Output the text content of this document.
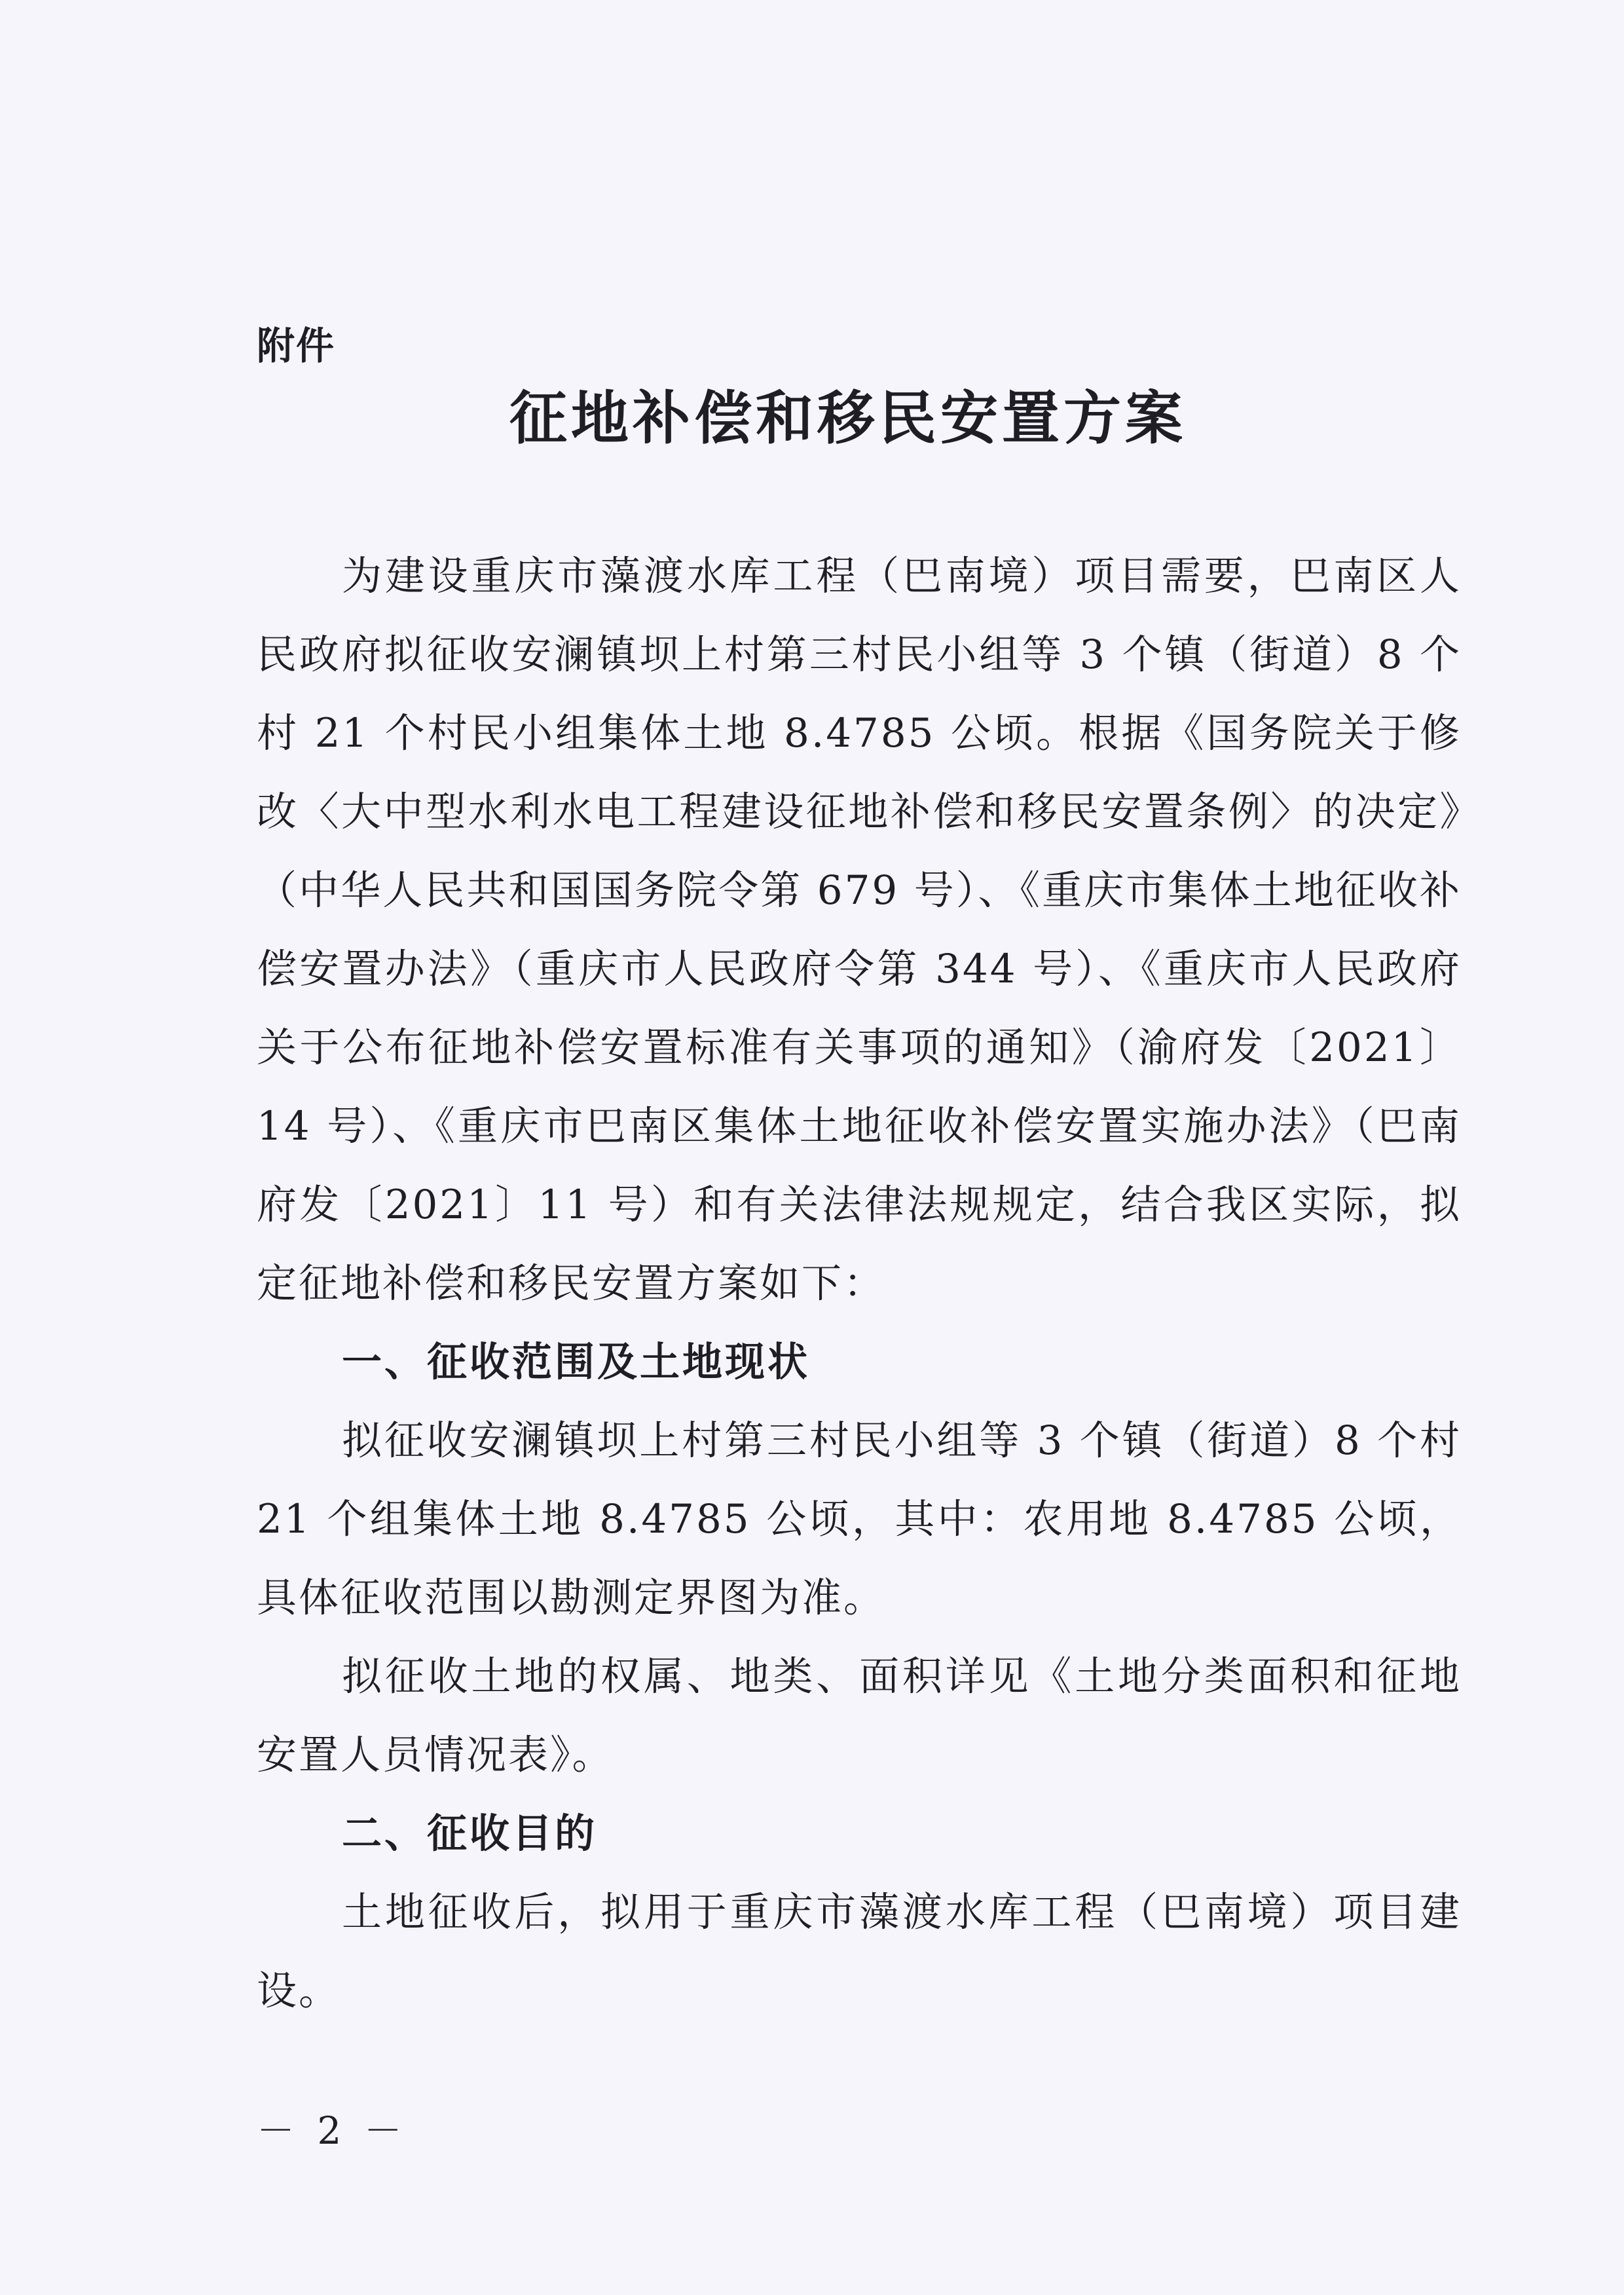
附件
征地补偿和移民安置方案

为建设重庆市藻渡水库工程（巴南境）项目需要，巴南区人民政府拟征收安澜镇坝上村第三村民小组等 3 个镇（街道）8 个村 21 个村民小组集体土地 8.4785 公顷。根据《国务院关于修改〈大中型水利水电工程建设征地补偿和移民安置条例〉的决定》（中华人民共和国国务院令第 679 号）、《重庆市集体土地征收补偿安置办法》（重庆市人民政府令第 344 号）、《重庆市人民政府关于公布征地补偿安置标准有关事项的通知》（渝府发〔2021〕14 号）、《重庆市巴南区集体土地征收补偿安置实施办法》（巴南府发〔2021〕11 号）和有关法律法规规定，结合我区实际，拟定征地补偿和移民安置方案如下：

一、征收范围及土地现状

拟征收安澜镇坝上村第三村民小组等 3 个镇（街道）8 个村 21 个组集体土地 8.4785 公顷，其中：农用地 8.4785 公顷，具体征收范围以勘测定界图为准。

拟征收土地的权属、地类、面积详见《土地分类面积和征地安置人员情况表》。

二、征收目的

土地征收后，拟用于重庆市藻渡水库工程（巴南境）项目建设。

－ 2 －
